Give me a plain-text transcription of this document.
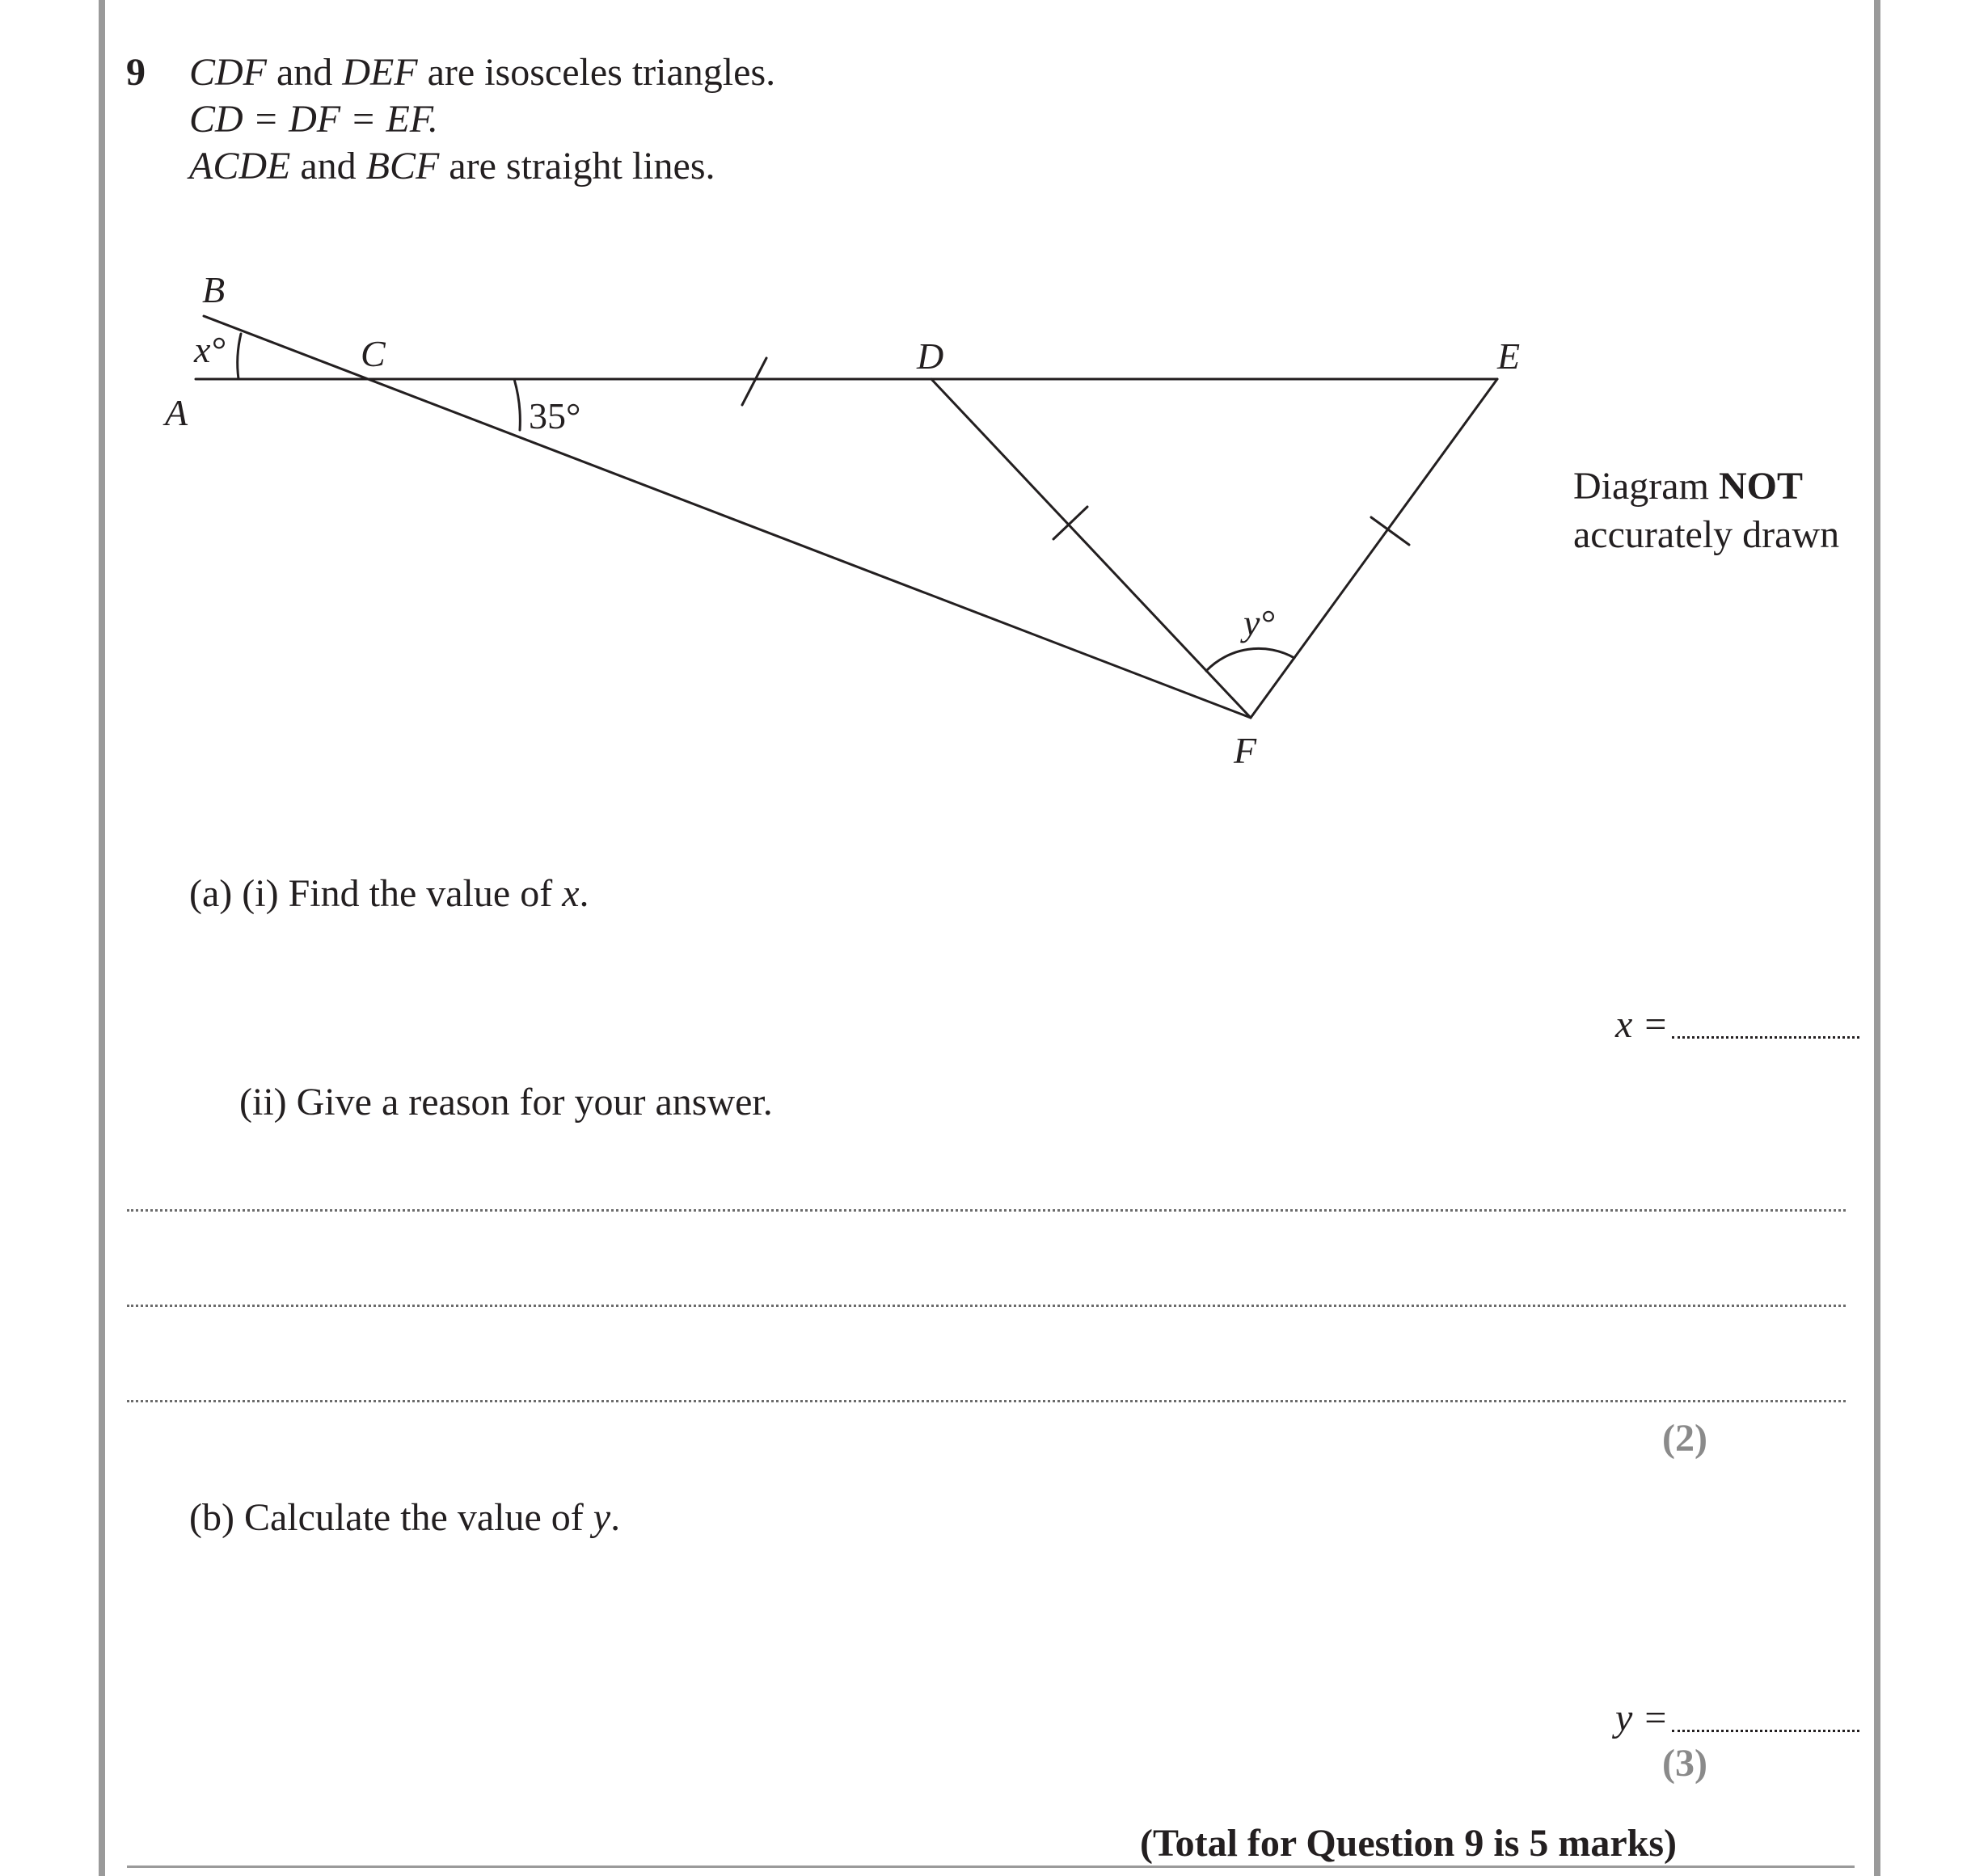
9 CDF and DEF are isosceles triangles.
CD = DF = EF.
ACDE and BCF are straight lines.
B
A
C	D	E
F
x°
35°
y°
Diagram NOT
accurately drawn
(a) (i) Find the value of x.
x =
(ii) Give a reason for your answer.
(2)
(b) Calculate the value of y.
y =
(3)
(Total for Question 9 is 5 marks)
